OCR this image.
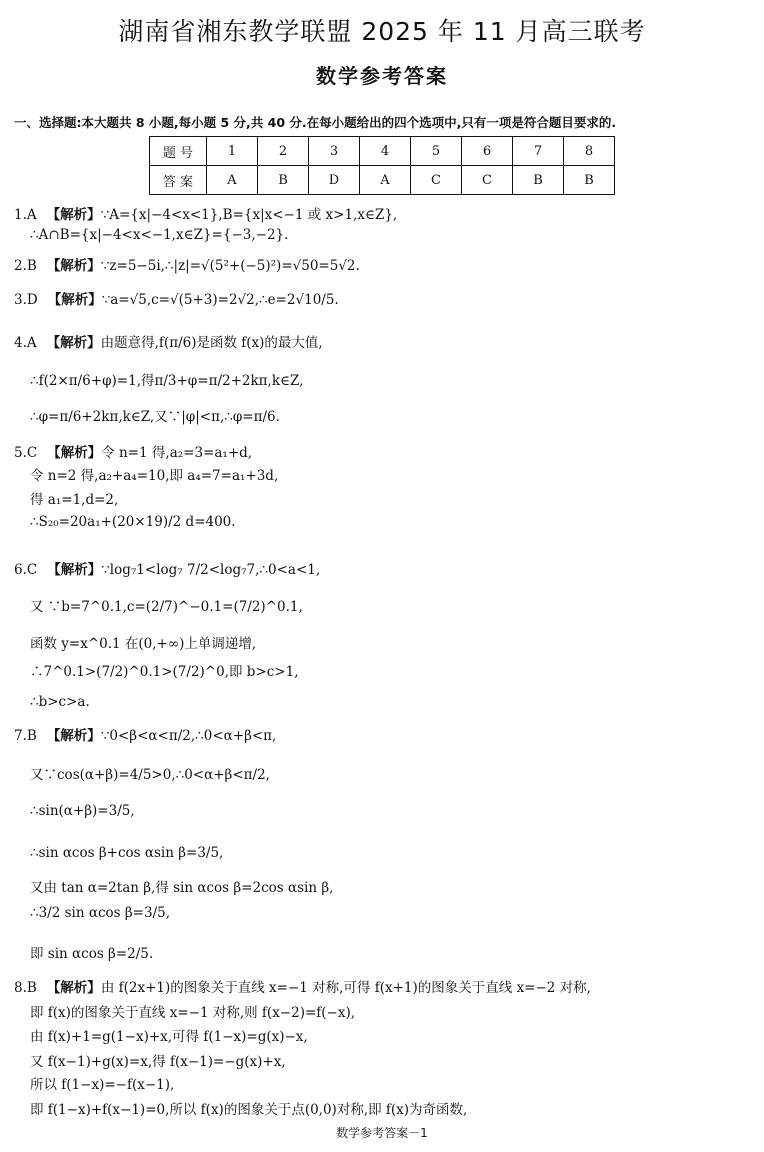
湖南省湘东教学联盟 2025 年 11 月高三联考
数学参考答案
一、选择题:本大题共 8 小题,每小题 5 分,共 40 分.在每小题给出的四个选项中,只有一项是符合题目要求的.
题 号	1	2	3	4	5	6	7	8
答 案	A	B	D	A	C	C	B	B
1.A 【解析】∵A={x|−4<x<1},B={x|x<−1 或 x>1,x∈Z},
∴A∩B={x|−4<x<−1,x∈Z}={−3,−2}.
2.B 【解析】∵z=5−5i,∴|z|=√(5²+(−5)²)=√50=5√2.
3.D 【解析】∵a=√5,c=√(5+3)=2√2,∴e=2√10/5.
4.A 【解析】由题意得,f(π/6)是函数 f(x)的最大值,
∴f(2×π/6+φ)=1,得π/3+φ=π/2+2kπ,k∈Z,
∴φ=π/6+2kπ,k∈Z,又∵|φ|<π,∴φ=π/6.
5.C 【解析】令 n=1 得,a₂=3=a₁+d,
令 n=2 得,a₂+a₄=10,即 a₄=7=a₁+3d,
得 a₁=1,d=2,
∴S₂₀=20a₁+(20×19)/2 d=400.
6.C 【解析】∵log₇1<log₇ 7/2<log₇7,∴0<a<1,
又 ∵b=7^0.1,c=(2/7)^−0.1=(7/2)^0.1,
函数 y=x^0.1 在(0,+∞)上单调递增,
∴7^0.1>(7/2)^0.1>(7/2)^0,即 b>c>1,
∴b>c>a.
7.B 【解析】∵0<β<α<π/2,∴0<α+β<π,
又∵cos(α+β)=4/5>0,∴0<α+β<π/2,
∴sin(α+β)=3/5,
∴sin αcos β+cos αsin β=3/5,
又由 tan α=2tan β,得 sin αcos β=2cos αsin β,
∴3/2 sin αcos β=3/5,
即 sin αcos β=2/5.
8.B 【解析】由 f(2x+1)的图象关于直线 x=−1 对称,可得 f(x+1)的图象关于直线 x=−2 对称,
即 f(x)的图象关于直线 x=−1 对称,则 f(x−2)=f(−x),
由 f(x)+1=g(1−x)+x,可得 f(1−x)=g(x)−x,
又 f(x−1)+g(x)=x,得 f(x−1)=−g(x)+x,
所以 f(1−x)=−f(x−1),
即 f(1−x)+f(x−1)=0,所以 f(x)的图象关于点(0,0)对称,即 f(x)为奇函数,
数学参考答案－1
